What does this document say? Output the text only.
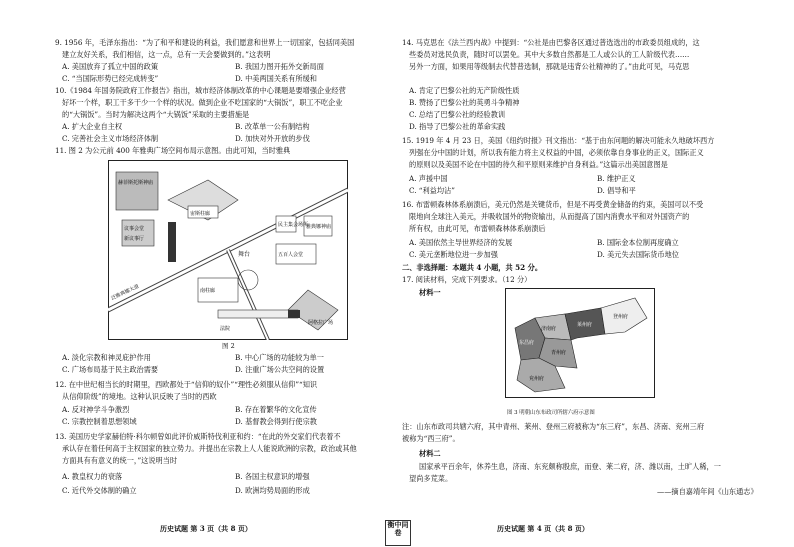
9. 1956 年，毛泽东指出：“为了和平和建设的利益，我们愿意和世界上一切国家，包括同美国
建立友好关系，我们相信，这一点，总有一天会要做到的。”这表明
A. 美国放弃了孤立中国的政策	B. 我国力图开拓外交新局面
C. “当国际形势已经完成转变”	D. 中美两国关系有所缓和
10.《1984 年国务院政府工作报告》指出，城市经济体制改革的中心课题是要增强企业经营
好坏一个样，职工干多干少一个样的状况。做到企业不吃国家的“大锅饭”，职工不吃企业
的“大锅饭”。当时为解决这两个“大锅饭”采取的主要措施是
A. 扩大企业自主权	B. 改革单一公有制结构
C. 完善社会主义市场经济体制	D. 加快对外开放的步伐
11. 图 2 为公元前 400 年雅典广场空间布局示意图。由此可知，当时雅典
赫菲斯托斯神庙
议事会堂
新议事厅
民主集会场所
舞台
宙斯柱廊
雅典娜神庙
五百人会堂
南柱廊
泛雅典娜大道
法院
阿格拉广场
图 2
A. 淡化宗教和神灵庇护作用	B. 中心广场的功能较为单一
C. 广场布局基于民主政治需要	D. 注重广场公共空间的设置
12. 在中世纪相当长的时期里，西欧都处于“信仰的奴仆”“理性必须服从信仰”“知识
从信仰阶级”的境地。这种认识反映了当时的西欧
A. 反对神学斗争激烈	B. 存在着繁华的文化宣传
C. 宗教控制着思想领域	D. 基督教会得到行使宗教
13. 美国历史学家赫伯特·科尔顿曾如此评价威斯特伐利亚和约：“在此的外交家们代表着不
承认存在着任何高于主权国家的独立势力。并提出在宗教上人人能说欧洲的宗教，政治或其他
方面具有有意义的统一，”这说明当时
A. 教皇权力的衰落	B. 各国主权意识的增强
C. 近代外交体制的确立	D. 欧洲均势局面的形成
历史试题 第 3 页（共 8 页）	衡中同卷
14. 马克思在《法兰西内战》中提到：“公社是由巴黎各区通过普选选出的市政委员组成的，这
些委员对选民负责，随时可以罢免。其中大多数自然都是工人或公认的工人阶级代表……
另外一方面，如果用等级制去代替普选制，那就是违背公社精神的了。”由此可见，马克思
A. 肯定了巴黎公社的无产阶级性质
B. 赞扬了巴黎公社的英勇斗争精神
C. 总结了巴黎公社的经验教训
D. 指导了巴黎公社的革命实践
15. 1919 年 4 月 23 日，美国《纽约时报》刊文指出：“基于由东问题的解决可能永久地破坏西方
列强在分中国的计划，所以我有能力将主义权益的中国，必须依靠自身事业的正义，国际正义
的原则以及美国不论在中国的待久和平原则来维护自身利益。”这篇示出美国意图是
A. 声援中国	B. 维护正义
C. “利益均沾”	D. 倡导和平
16. 布雷顿森林体系崩溃后，美元仍然是关键货币，但是不再受黄金储备的约束，美国可以不受
限地向全球注入美元，并吸收国外的物资输出，从而提高了国内消费水平和对外国资产的
所有权，由此可见，布雷顿森林体系崩溃后
A. 美国依然主导世界经济的发展	B. 国际金本位制再度确立
C. 美元垄断地位进一步加强	D. 美元失去国际货币地位
二、非选择题：本题共 4 小题，共 52 分。
17. 阅读材料，完成下列要求。（12 分）
材料一
东昌府
兖州府
济南府
青州府
莱州府
登州府
图 3 明朝山东布政司所辖六府示意图
注：山东布政司共辖六府，其中青州、莱州、登州三府被称为“东三府”，东昌、济南、兖州三府
被称为“西三府”。
材料二
国家承平百余年，休养生息，济南、东兖颇称殷庶，而登、莱二府，济、潍以南，土旷人稀，一
望尚多荒菜。
——摘自嘉靖年间《山东通志》
历史试题 第 4 页（共 8 页）
